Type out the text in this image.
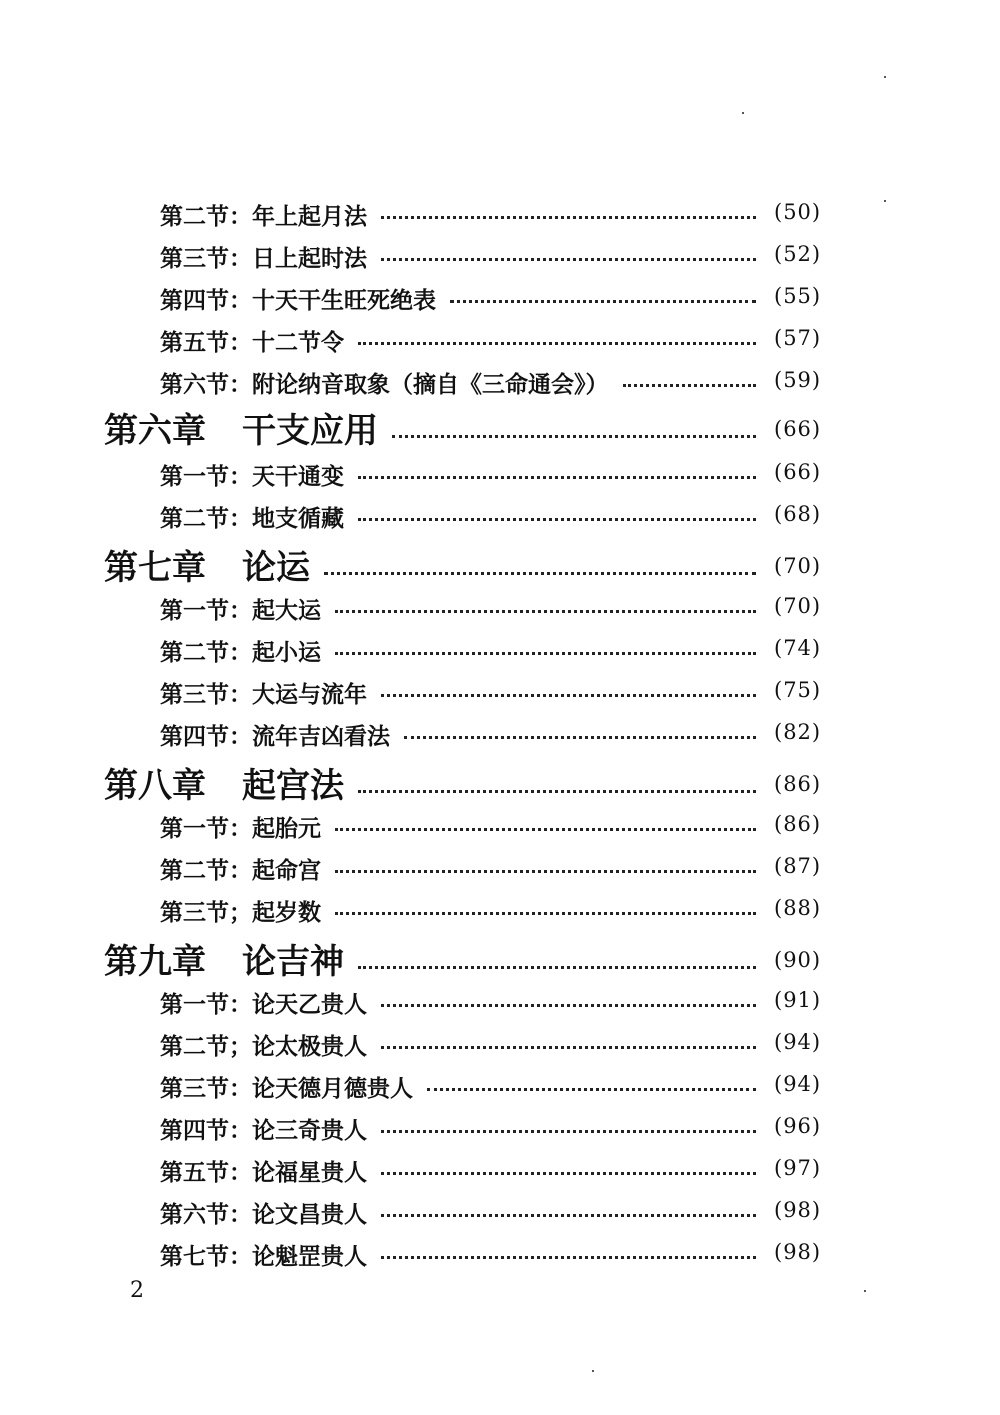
第二节：年上起月法	(50)
第三节：日上起时法	(52)
第四节：十天干生旺死绝表	(55)
第五节：十二节令	(57)
第六节：附论纳音取象（摘自《三命通会》）	(59)
第六章 干支应用	(66)
第一节：天干通变	(66)
第二节：地支循藏	(68)
第七章 论运	(70)
第一节：起大运	(70)
第二节：起小运	(74)
第三节：大运与流年	(75)
第四节：流年吉凶看法	(82)
第八章 起宫法	(86)
第一节：起胎元	(86)
第二节：起命宫	(87)
第三节；起岁数	(88)
第九章 论吉神	(90)
第一节：论天乙贵人	(91)
第二节；论太极贵人	(94)
第三节：论天德月德贵人	(94)
第四节：论三奇贵人	(96)
第五节：论福星贵人	(97)
第六节：论文昌贵人	(98)
第七节：论魁罡贵人	(98)
2
